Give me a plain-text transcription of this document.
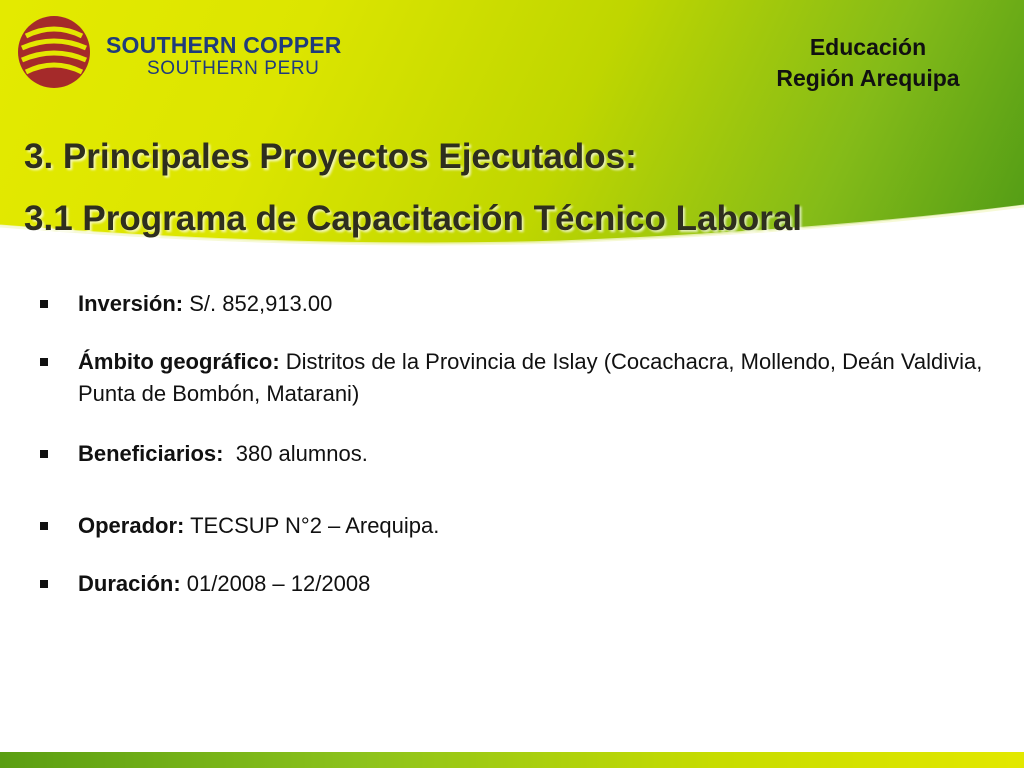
SOUTHERN COPPER
SOUTHERN PERU
Educación
Región Arequipa
3. Principales Proyectos Ejecutados:
3.1 Programa de Capacitación Técnico Laboral
Inversión: S/. 852,913.00
Ámbito geográfico: Distritos de la Provincia de Islay (Cocachacra, Mollendo, Deán Valdivia, Punta de Bombón, Matarani)
Beneficiarios:  380 alumnos.
Operador: TECSUP N°2 – Arequipa.
Duración: 01/2008 – 12/2008
